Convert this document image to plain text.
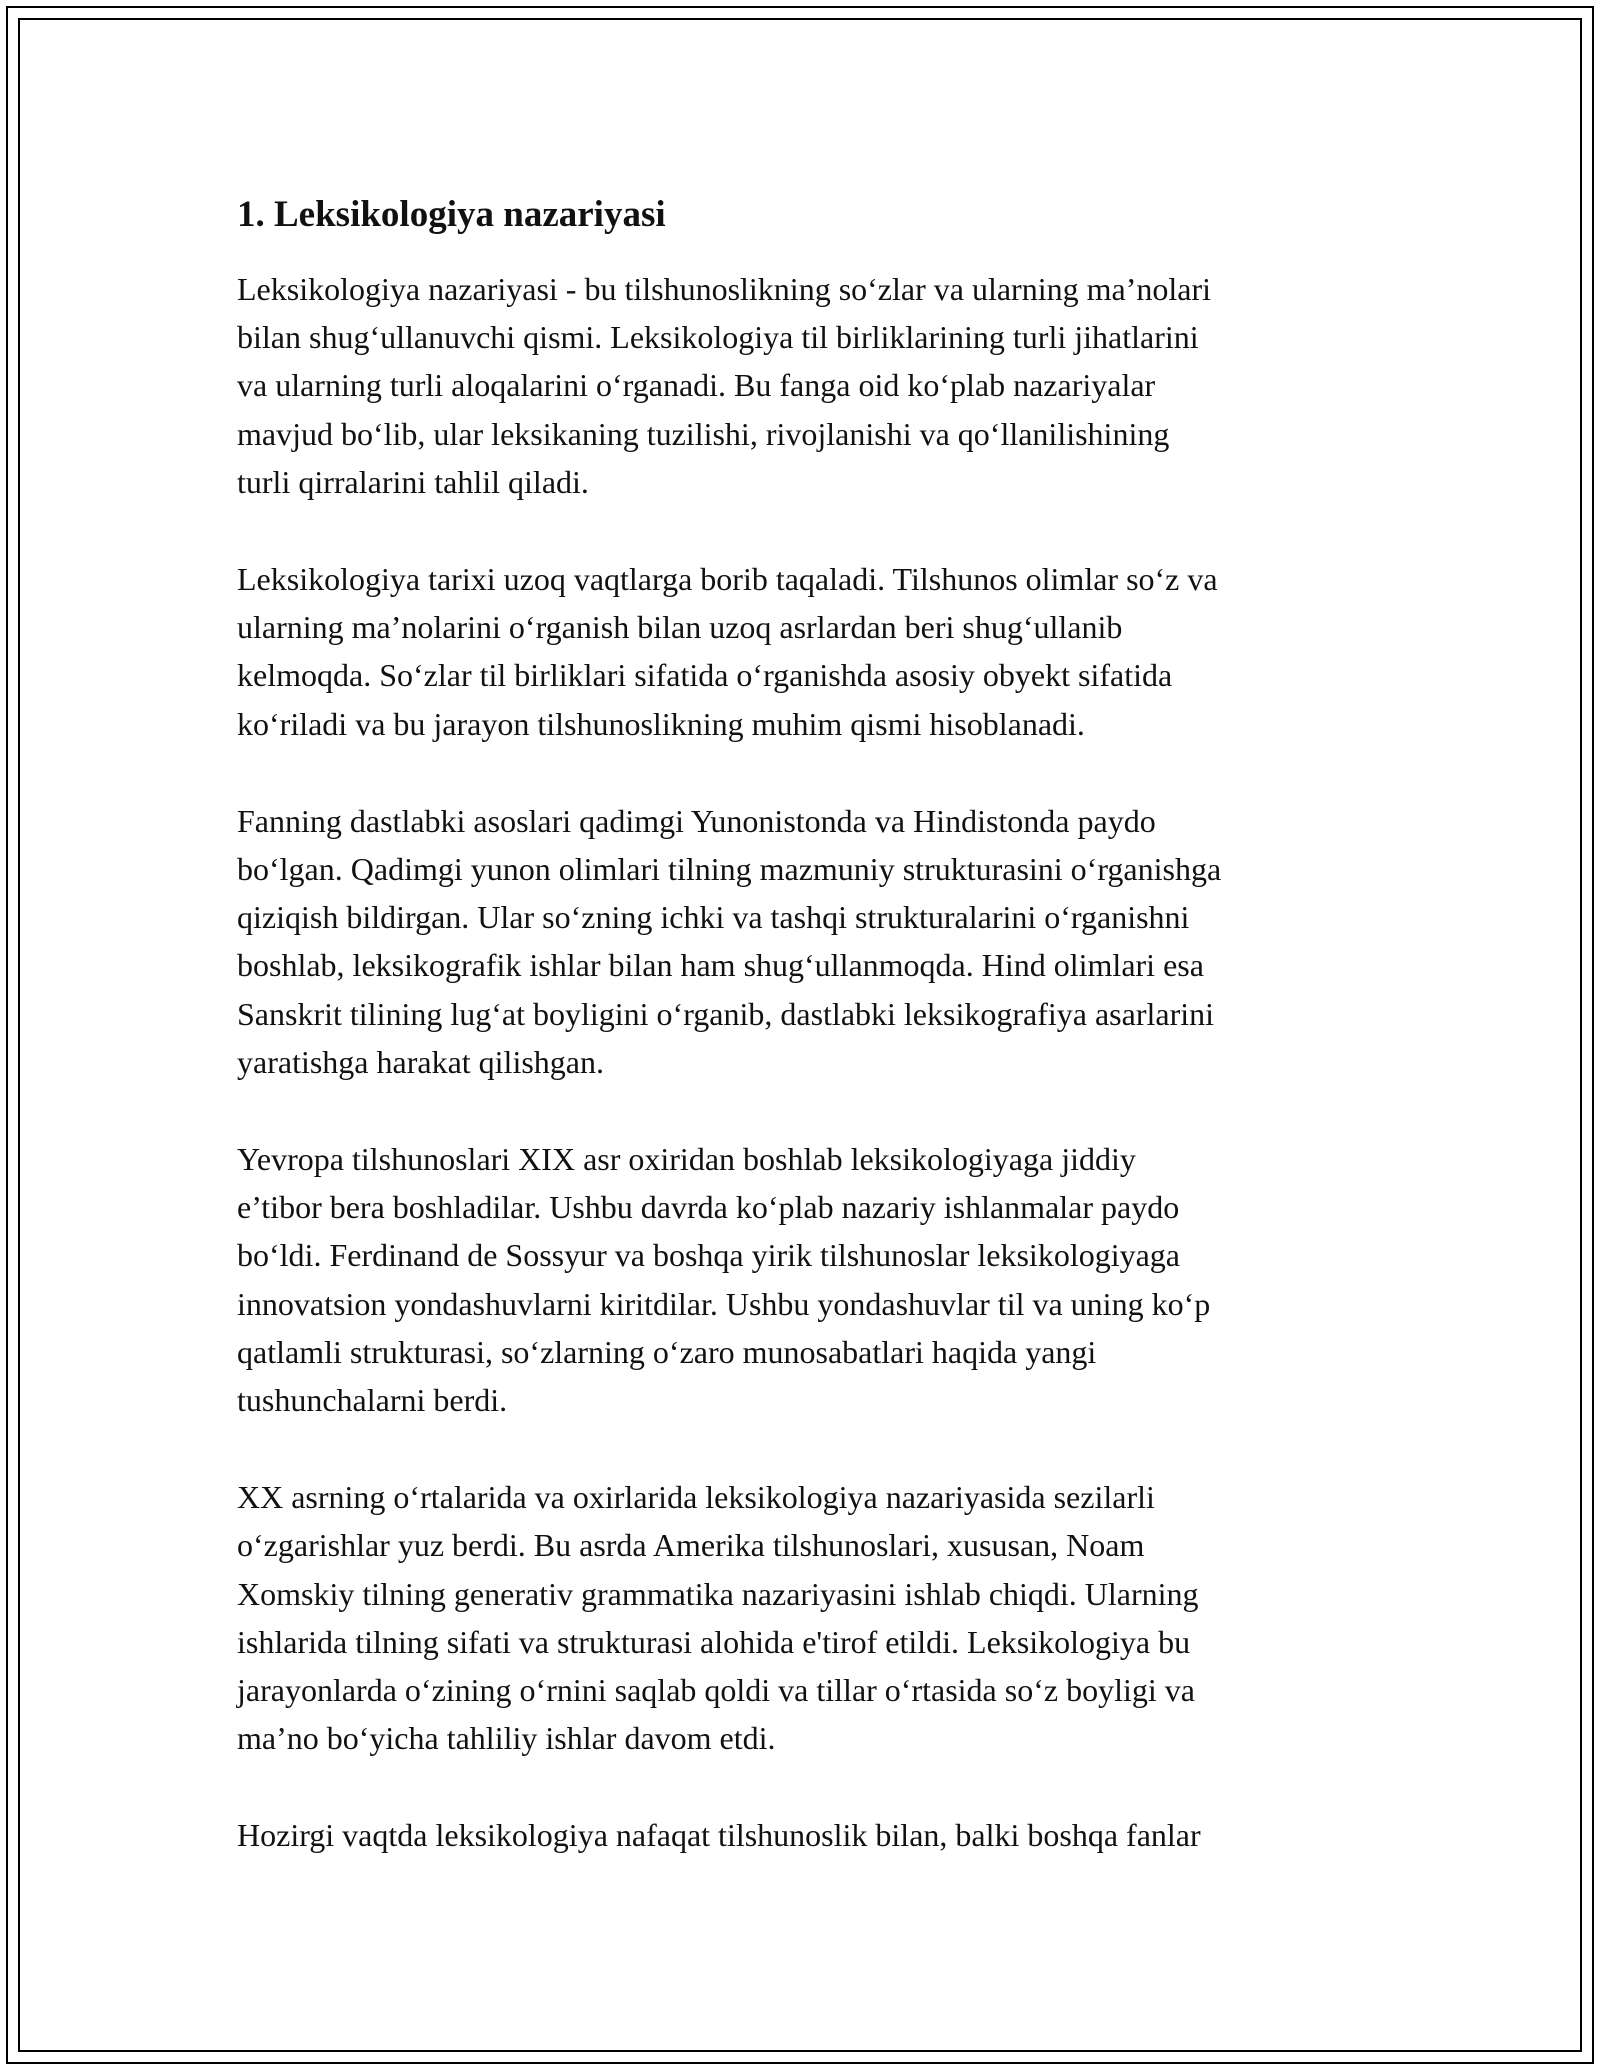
1. Leksikologiya nazariyasi

Leksikologiya nazariyasi - bu tilshunoslikning so‘zlar va ularning ma’nolari
bilan shug‘ullanuvchi qismi. Leksikologiya til birliklarining turli jihatlarini
va ularning turli aloqalarini o‘rganadi. Bu fanga oid ko‘plab nazariyalar
mavjud bo‘lib, ular leksikaning tuzilishi, rivojlanishi va qo‘llanilishining
turli qirralarini tahlil qiladi.

Leksikologiya tarixi uzoq vaqtlarga borib taqaladi. Tilshunos olimlar so‘z va
ularning ma’nolarini o‘rganish bilan uzoq asrlardan beri shug‘ullanib
kelmoqda. So‘zlar til birliklari sifatida o‘rganishda asosiy obyekt sifatida
ko‘riladi va bu jarayon tilshunoslikning muhim qismi hisoblanadi.

Fanning dastlabki asoslari qadimgi Yunonistonda va Hindistonda paydo
bo‘lgan. Qadimgi yunon olimlari tilning mazmuniy strukturasini o‘rganishga
qiziqish bildirgan. Ular so‘zning ichki va tashqi strukturalarini o‘rganishni
boshlab, leksikografik ishlar bilan ham shug‘ullanmoqda. Hind olimlari esa
Sanskrit tilining lug‘at boyligini o‘rganib, dastlabki leksikografiya asarlarini
yaratishga harakat qilishgan.

Yevropa tilshunoslari XIX asr oxiridan boshlab leksikologiyaga jiddiy
e’tibor bera boshladilar. Ushbu davrda ko‘plab nazariy ishlanmalar paydo
bo‘ldi. Ferdinand de Sossyur va boshqa yirik tilshunoslar leksikologiyaga
innovatsion yondashuvlarni kiritdilar. Ushbu yondashuvlar til va uning ko‘p
qatlamli strukturasi, so‘zlarning o‘zaro munosabatlari haqida yangi
tushunchalarni berdi.

XX asrning o‘rtalarida va oxirlarida leksikologiya nazariyasida sezilarli
o‘zgarishlar yuz berdi. Bu asrda Amerika tilshunoslari, xususan, Noam
Xomskiy tilning generativ grammatika nazariyasini ishlab chiqdi. Ularning
ishlarida tilning sifati va strukturasi alohida e'tirof etildi. Leksikologiya bu
jarayonlarda o‘zining o‘rnini saqlab qoldi va tillar o‘rtasida so‘z boyligi va
ma’no bo‘yicha tahliliy ishlar davom etdi.

Hozirgi vaqtda leksikologiya nafaqat tilshunoslik bilan, balki boshqa fanlar
